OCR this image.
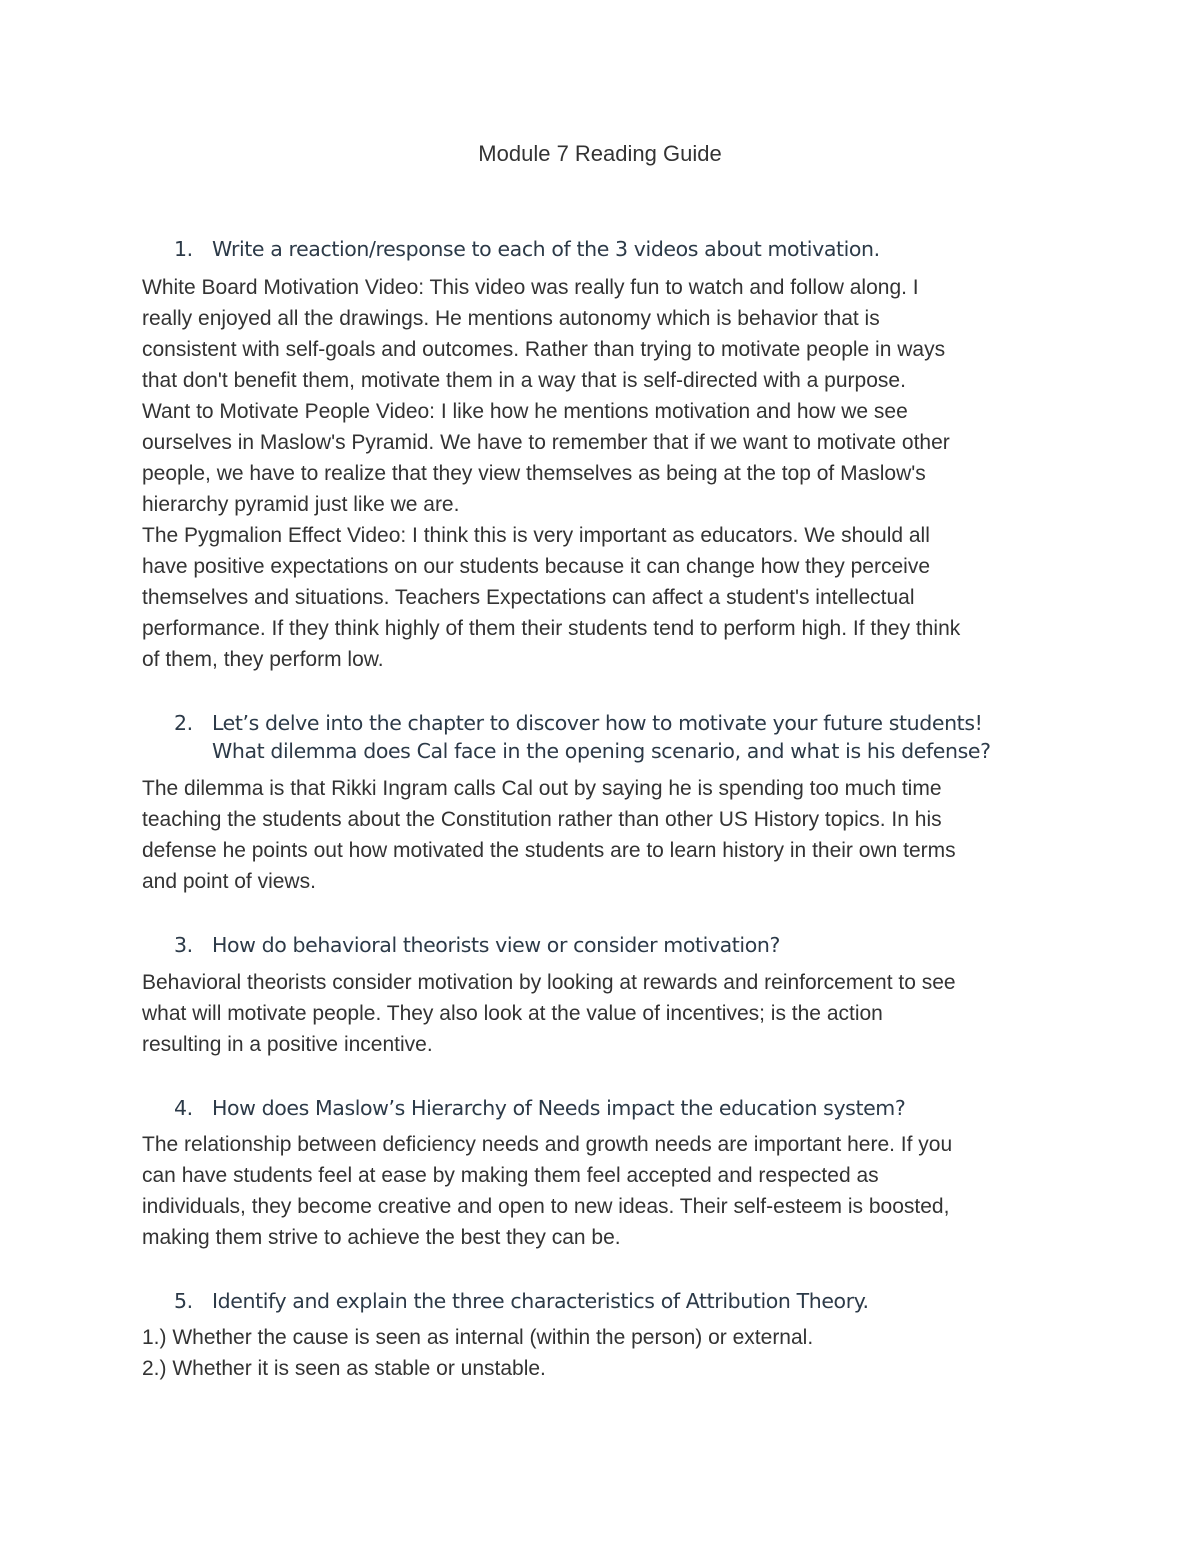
Module 7 Reading Guide
1. Write a reaction/response to each of the 3 videos about motivation.

White Board Motivation Video: This video was really fun to watch and follow along. I

really enjoyed all the drawings. He mentions autonomy which is behavior that is

consistent with self-goals and outcomes. Rather than trying to motivate people in ways

that don't benefit them, motivate them in a way that is self-directed with a purpose.

Want to Motivate People Video: I like how he mentions motivation and how we see

ourselves in Maslow's Pyramid. We have to remember that if we want to motivate other

people, we have to realize that they view themselves as being at the top of Maslow's

hierarchy pyramid just like we are.

The Pygmalion Effect Video: I think this is very important as educators. We should all

have positive expectations on our students because it can change how they perceive

themselves and situations. Teachers Expectations can affect a student's intellectual

performance. If they think highly of them their students tend to perform high. If they think

of them, they perform low.

2. Let’s delve into the chapter to discover how to motivate your future students!
What dilemma does Cal face in the opening scenario, and what is his defense?

The dilemma is that Rikki Ingram calls Cal out by saying he is spending too much time

teaching the students about the Constitution rather than other US History topics. In his

defense he points out how motivated the students are to learn history in their own terms

and point of views.

3. How do behavioral theorists view or consider motivation?

Behavioral theorists consider motivation by looking at rewards and reinforcement to see

what will motivate people. They also look at the value of incentives; is the action

resulting in a positive incentive.

4. How does Maslow’s Hierarchy of Needs impact the education system?

The relationship between deficiency needs and growth needs are important here. If you

can have students feel at ease by making them feel accepted and respected as

individuals, they become creative and open to new ideas. Their self-esteem is boosted,

making them strive to achieve the best they can be.

5. Identify and explain the three characteristics of Attribution Theory.

1.) Whether the cause is seen as internal (within the person) or external.

2.) Whether it is seen as stable or unstable.
